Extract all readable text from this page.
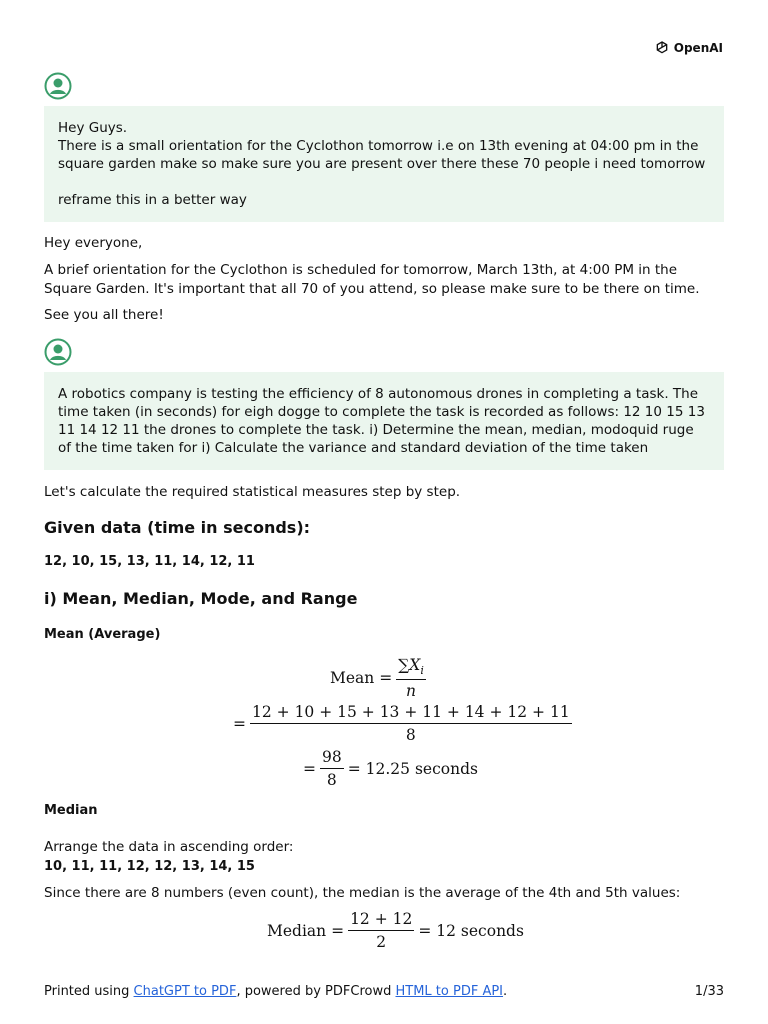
OpenAI

Hey Guys.

There is a small orientation for the Cyclothon tomorrow i.e on 13th evening at 04:00 pm in the square garden make so make sure you are present over there these 70 people i need tomorrow

reframe this in a better way

Hey everyone,
A brief orientation for the Cyclothon is scheduled for tomorrow, March 13th, at 4:00 PM in the Square Garden. It's important that all 70 of you attend, so please make sure to be there on time.
See you all there!

A robotics company is testing the efficiency of 8 autonomous drones in completing a task. The time taken (in seconds) for eigh dogge to complete the task is recorded as follows: 12 10 15 13 11 14 12 11 the drones to complete the task. i) Determine the mean, median, modoquid ruge of the time taken for i) Calculate the variance and standard deviation of the time taken

Let's calculate the required statistical measures step by step.
Given data (time in seconds):
12, 10, 15, 13, 11, 14, 12, 11
i) Mean, Median, Mode, and Range
Mean (Average)
Mean = $\frac{\sum X_i}{n}$
= $\frac{12 + 10 + 15 + 13 + 11 + 14 + 12 + 11}{8}$
= $\frac{98}{8} = 12.25$ seconds
Median
Arrange the data in ascending order:
10, 11, 11, 12, 12, 13, 14, 15
Since there are 8 numbers (even count), the median is the average of the 4th and 5th values:
Median = $\frac{12 + 12}{2} = 12$ seconds
Printed using ChatGPT to PDF, powered by PDFCrowd HTML to PDF API.	1/33
